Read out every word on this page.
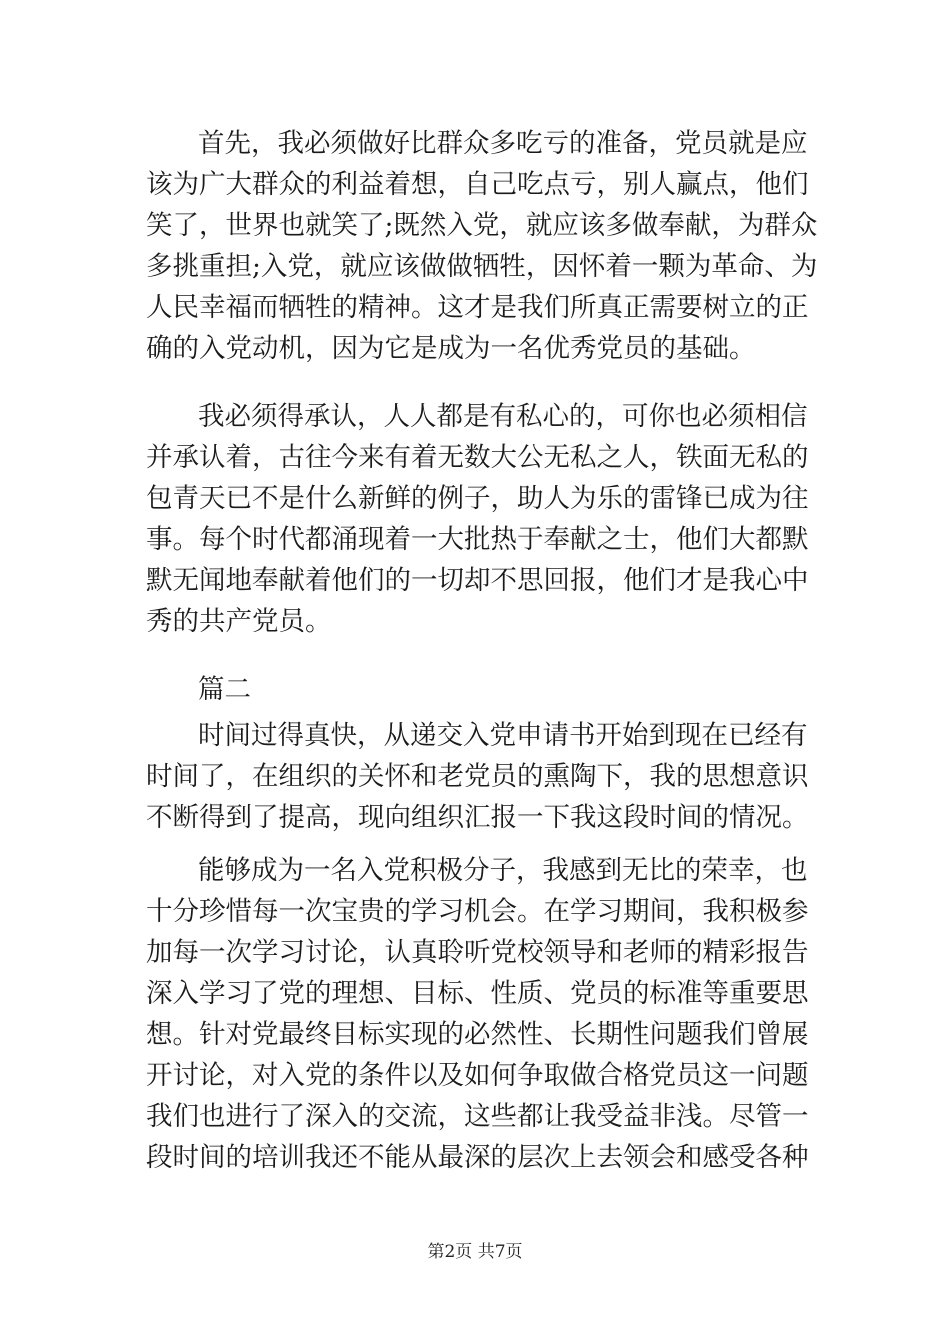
首先，我必须做好比群众多吃亏的准备，党员就是应
该为广大群众的利益着想，自己吃点亏，别人赢点，他们
笑了，世界也就笑了;既然入党，就应该多做奉献，为群众
多挑重担;入党，就应该做做牺牲，因怀着一颗为革命、为
人民幸福而牺牲的精神。这才是我们所真正需要树立的正
确的入党动机，因为它是成为一名优秀党员的基础。
我必须得承认，人人都是有私心的，可你也必须相信
并承认着，古往今来有着无数大公无私之人，铁面无私的
包青天已不是什么新鲜的例子，助人为乐的雷锋已成为往
事。每个时代都涌现着一大批热于奉献之士，他们大都默
默无闻地奉献着他们的一切却不思回报，他们才是我心中
秀的共产党员。
篇二
时间过得真快，从递交入党申请书开始到现在已经有
时间了，在组织的关怀和老党员的熏陶下，我的思想意识
不断得到了提高，现向组织汇报一下我这段时间的情况。
能够成为一名入党积极分子，我感到无比的荣幸，也
十分珍惜每一次宝贵的学习机会。在学习期间，我积极参
加每一次学习讨论，认真聆听党校领导和老师的精彩报告
深入学习了党的理想、目标、性质、党员的标准等重要思
想。针对党最终目标实现的必然性、长期性问题我们曾展
开讨论，对入党的条件以及如何争取做合格党员这一问题
我们也进行了深入的交流，这些都让我受益非浅。尽管一
段时间的培训我还不能从最深的层次上去领会和感受各种
第2页 共7页
